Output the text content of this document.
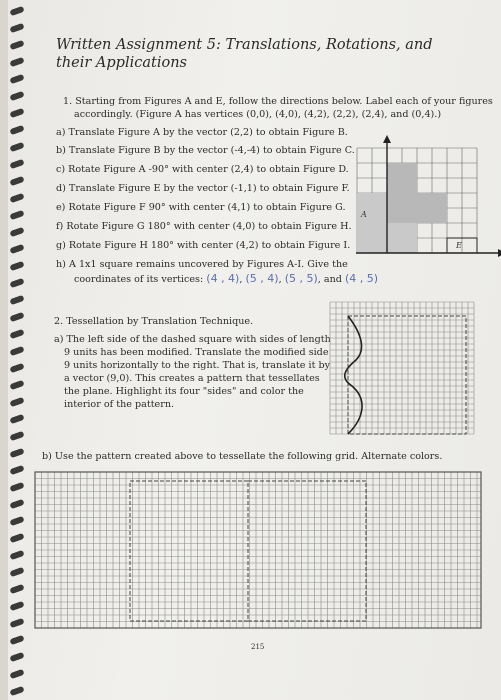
Written Assignment 5: Translations, Rotations, and their Applications
1. Starting from Figures A and E, follow the directions below. Label each of your figures
accordingly. (Figure A has vertices (0,0), (4,0), (4,2), (2,2), (2,4), and (0,4).)
a) Translate Figure A by the vector (2,2) to obtain Figure B.
b) Translate Figure B by the vector (-4,-4) to obtain Figure C.
c) Rotate Figure A -90° with center (2,4) to obtain Figure D.
d) Translate Figure E by the vector (-1,1) to obtain Figure F.
e) Rotate Figure F 90° with center (4,1) to obtain Figure G.
f) Rotate Figure G 180° with center (4,0) to obtain Figure H.
g) Rotate Figure H 180° with center (4,2) to obtain Figure I.
h) A 1x1 square remains uncovered by Figures A-I. Give the
coordinates of its vertices: (4 , 4), (5 , 4), (5 , 5), and (4 , 5)
A
E
2. Tessellation by Translation Technique.
a) The left side of the dashed square with sides of length
9 units has been modified. Translate the modified side
9 units horizontally to the right. That is, translate it by
a vector (9,0). This creates a pattern that tessellates
the plane. Highlight its four "sides" and color the
interior of the pattern.
b) Use the pattern created above to tessellate the following grid. Alternate colors.
215
